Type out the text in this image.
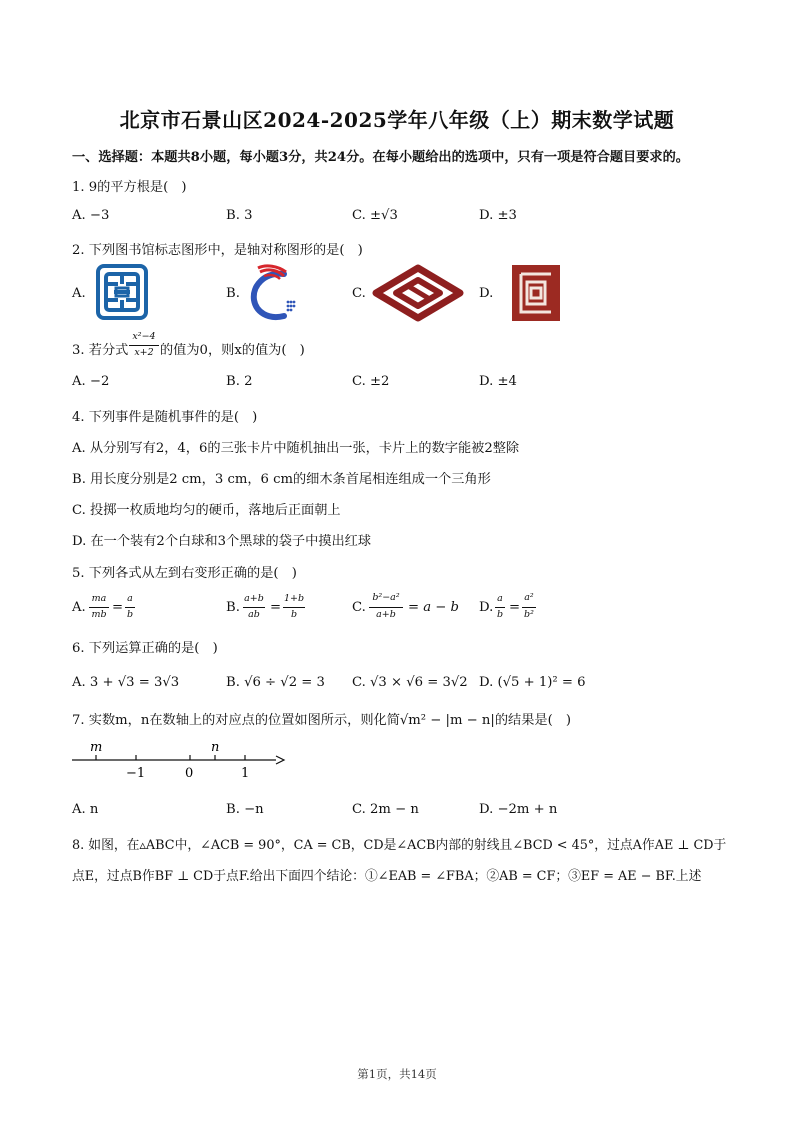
北京市石景山区2024-2025学年八年级（上）期末数学试题
一、选择题：本题共8小题，每小题3分，共24分。在每小题给出的选项中，只有一项是符合题目要求的。
1. 9的平方根是(　)
A. −3	B. 3	C. ±√3	D. ±3
2. 下列图书馆标志图形中，是轴对称图形的是(　)
A.	B.	C.	D.
3. 若分式
x²−4
x+2 的值为0，则x的值为(　)
A. −2	B. 2	C. ±2	D. ±4
4. 下列事件是随机事件的是(　)
A. 从分别写有2，4，6的三张卡片中随机抽出一张，卡片上的数字能被2整除
B. 用长度分别是2 cm，3 cm，6 cm的细木条首尾相连组成一个三角形
C. 投掷一枚质地均匀的硬币，落地后正面朝上
D. 在一个装有2个白球和3个黑球的袋子中摸出红球
5. 下列各式从左到右变形正确的是(　)
A.
ma
mb =
a
b	B.
a+b
ab =
1+b
b	C.
b²−a²
a+b = a − b D.
a
b =
a²
b²
6. 下列运算正确的是(　)
A. 3 + √3 = 3√3	B. √6 ÷ √2 = 3 C. √3 × √6 = 3√2 D. (√5 + 1)² = 6
7. 实数m，n在数轴上的对应点的位置如图所示，则化简√m² − |m − n|的结果是(　)
m	n
−1	0	1
A. n	B. −n	C. 2m − n	D. −2m + n
8. 如图，在▵ABC中，∠ACB = 90°，CA = CB，CD是∠ACB内部的射线且∠BCD < 45°，过点A作AE ⊥ CD于
点E，过点B作BF ⊥ CD于点F.给出下面四个结论：①∠EAB = ∠FBA；②AB = CF；③EF = AE − BF.上述
第1页，共14页
